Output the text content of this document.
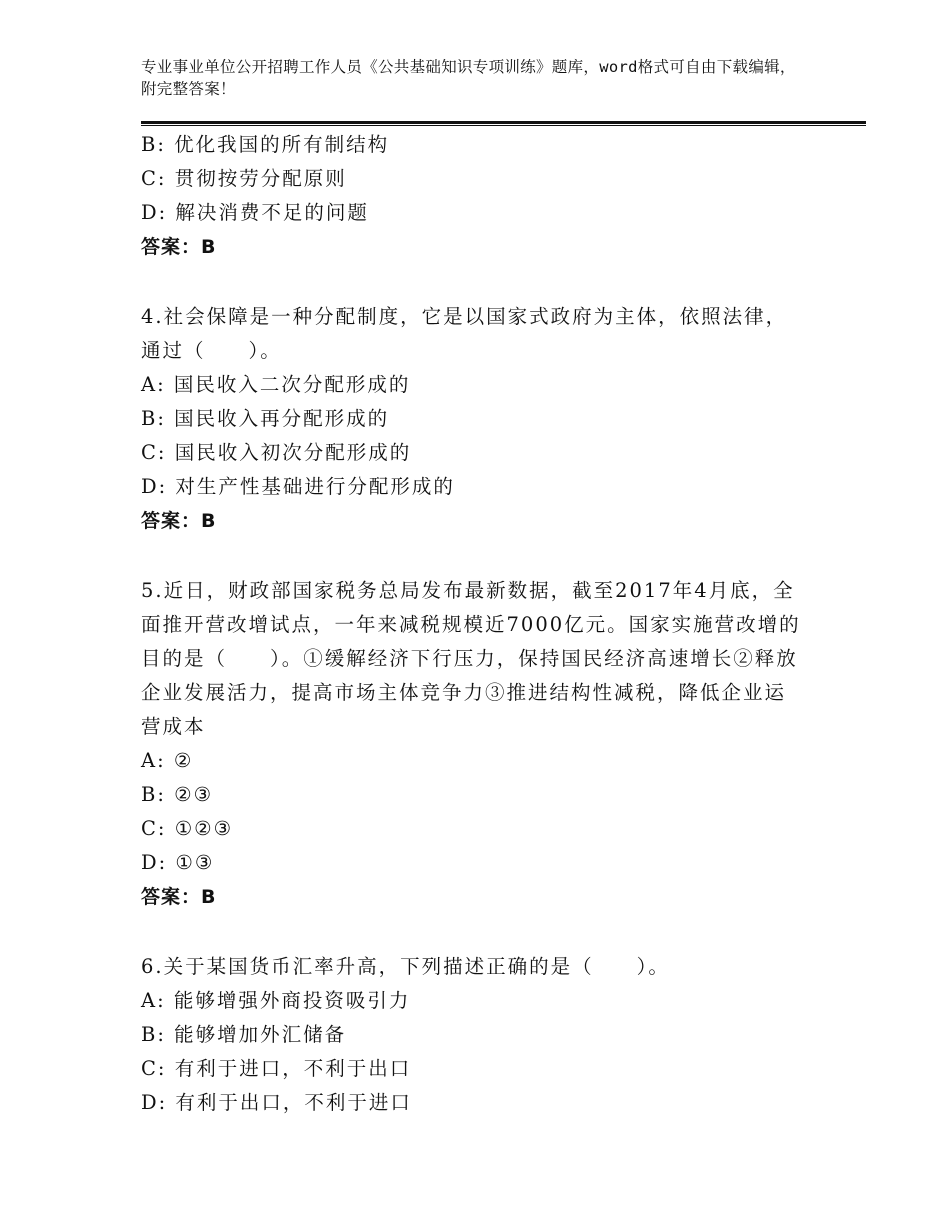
专业事业单位公开招聘工作人员《公共基础知识专项训练》题库，word格式可自由下载编辑，附完整答案！
B: 优化我国的所有制结构
C: 贯彻按劳分配原则
D: 解决消费不足的问题
答案：B
4.社会保障是一种分配制度，它是以国家式政府为主体，依照法律，通过（　　）。
A: 国民收入二次分配形成的
B: 国民收入再分配形成的
C: 国民收入初次分配形成的
D: 对生产性基础进行分配形成的
答案：B
5.近日，财政部国家税务总局发布最新数据，截至2017年4月底，全面推开营改增试点，一年来减税规模近7000亿元。国家实施营改增的目的是（　　）。①缓解经济下行压力，保持国民经济高速增长②释放企业发展活力，提高市场主体竞争力③推进结构性减税，降低企业运营成本
A: ②
B: ②③
C: ①②③
D: ①③
答案：B
6.关于某国货币汇率升高，下列描述正确的是（　　）。
A: 能够增强外商投资吸引力
B: 能够增加外汇储备
C: 有利于进口，不利于出口
D: 有利于出口，不利于进口
